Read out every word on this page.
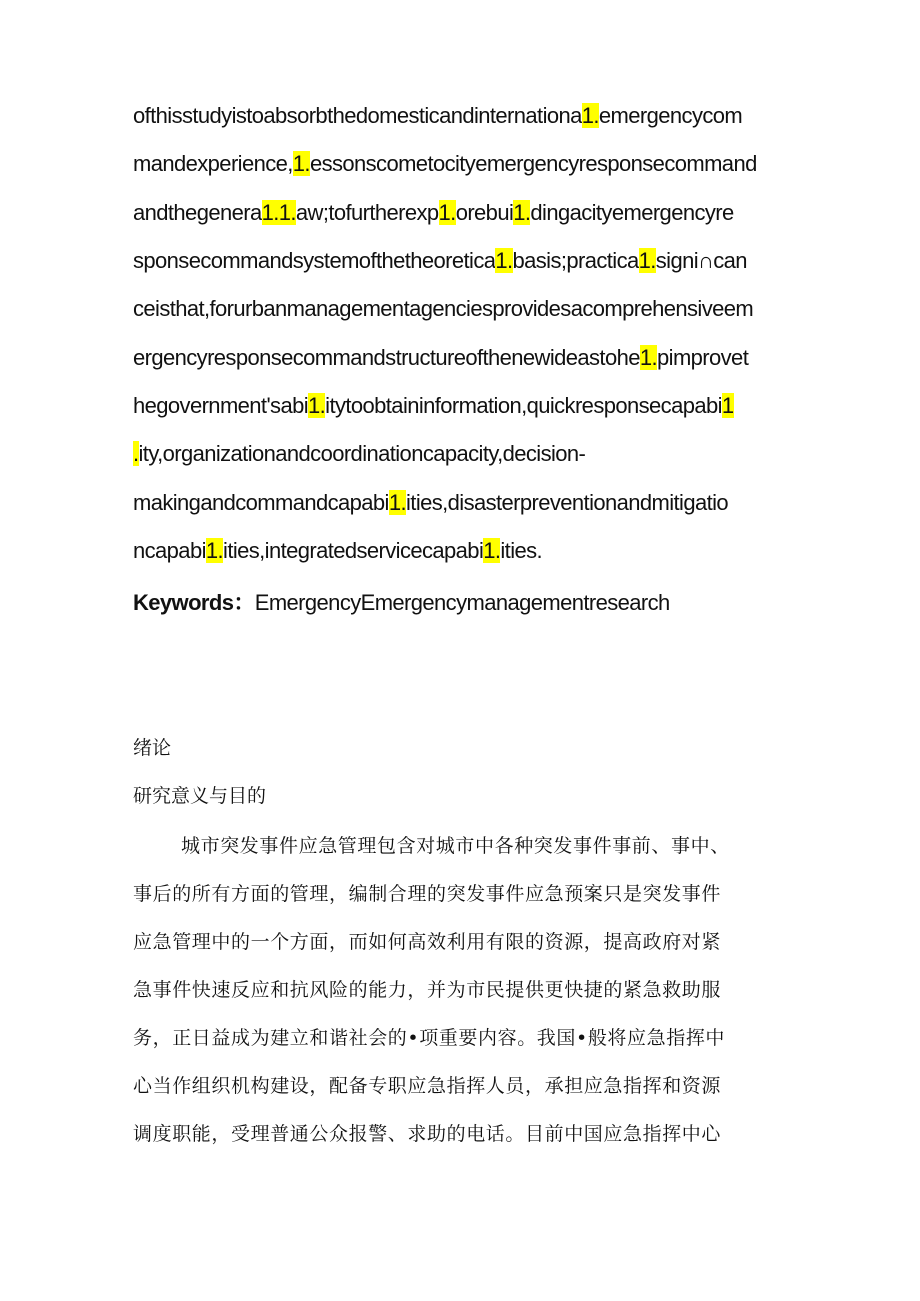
ofthisstudyistoabsorbthedomesticandinternationa1.emergencycom
mandexperience,1.essonscometocityemergencyresponsecommand
andthegenera1.1.aw;tofurtherexp1.orebui1.dingacityemergencyre
sponsecommandsystemofthetheoretica1.basis;practica1.signi∩can
ceisthat,forurbanmanagementagenciesprovidesacomprehensiveem
ergencyresponsecommandstructureofthenewideastohe1.pimprovet
hegovernment'sabi1.itytoobtaininformation,quickresponsecapabi1
.ity,organizationandcoordinationcapacity,decision-
makingandcommandcapabi1.ities,disasterpreventionandmitigatio
ncapabi1.ities,integratedservicecapabi1.ities.
Keywords：EmergencyEmergencymanagementresearch
绪论
研究意义与目的
城市突发事件应急管理包含对城市中各种突发事件事前、事中、
事后的所有方面的管理，编制合理的突发事件应急预案只是突发事件
应急管理中的一个方面，而如何高效利用有限的资源，提高政府对紧
急事件快速反应和抗风险的能力，并为市民提供更快捷的紧急救助服
务，正日益成为建立和谐社会的•项重要内容。我国•般将应急指挥中
心当作组织机构建设，配备专职应急指挥人员，承担应急指挥和资源
调度职能，受理普通公众报警、求助的电话。目前中国应急指挥中心
